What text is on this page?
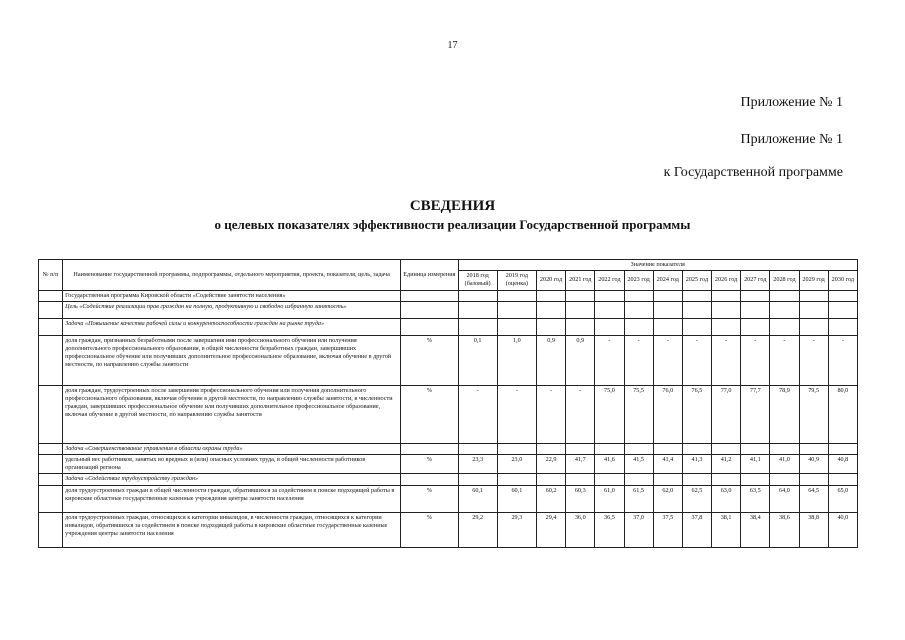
17
Приложение № 1
Приложение № 1
к Государственной программе
СВЕДЕНИЯ
о целевых показателях эффективности реализации Государственной программы
№ п/п	Наименование государственной программы, подпрограммы, отдельного мероприятия, проекта, показателя, цель, задача	Единица измерения	Значение показателя												
			2018 год (базовый)	2019 год (оценка)	2020 год	2021 год	2022 год	2023 год	2024 год	2025 год	2026 год	2027 год	2028 год	2029 год	2030 год
	Государственная программа Кировской области «Содействие занятости населения»														
	Цель «Содействие реализации прав граждан на полную, продуктивную и свободно избранную занятость»														
	Задача «Повышение качества рабочей силы и конкурентоспособности граждан на рынке труда»														
	доля граждан, признанных безработными после завершения ими профессионального обучения или получения дополнительного профессионального образования, в общей численности безработных граждан, завершивших профессиональное обучение или получивших дополнительное профессиональное образование, включая обучение в другой местности, по направлению службы занятости	%	0,1	1,0	0,9	0,9	-	-	-	-	-	-	-	-	-
	доля граждан, трудоустроенных после завершения профессионального обучения или получения дополнительного профессионального образования, включая обучение в другой местности, по направлению службы занятости, в численности граждан, завершивших профессиональное обучение или получивших дополнительное профессиональное образование, включая обучение в другой местности, по направлению службы занятости	%	-	-	-	-	75,0	75,5	76,0	76,5	77,0	77,7	78,9	79,5	80,0
	Задача «Совершенствование управления в области охраны труда»														
	удельный вес работников, занятых во вредных и (или) опасных условиях труда, в общей численности работников организаций региона	%	23,3	23,0	22,9	41,7	41,6	41,5	41,4	41,3	41,2	41,1	41,0	40,9	40,8
	Задача «Содействие трудоустройству граждан»														
	доля трудоустроенных граждан в общей численности граждан, обратившихся за содействием в поиске подходящей работы в кировские областные государственные казенные учреждения центры занятости населения	%	60,1	60,1	60,2	60,3	61,0	61,5	62,0	62,5	63,0	63,5	64,0	64,5	65,0
	доля трудоустроенных граждан, относящихся к категории инвалидов, в численности граждан, относящихся к категории инвалидов, обратившихся за содействием в поиске подходящей работы в кировские областные государственные казенные учреждения центры занятости населения	%	29,2	29,3	29,4	36,0	36,5	37,0	37,5	37,8	38,1	38,4	38,6	38,8	40,0
